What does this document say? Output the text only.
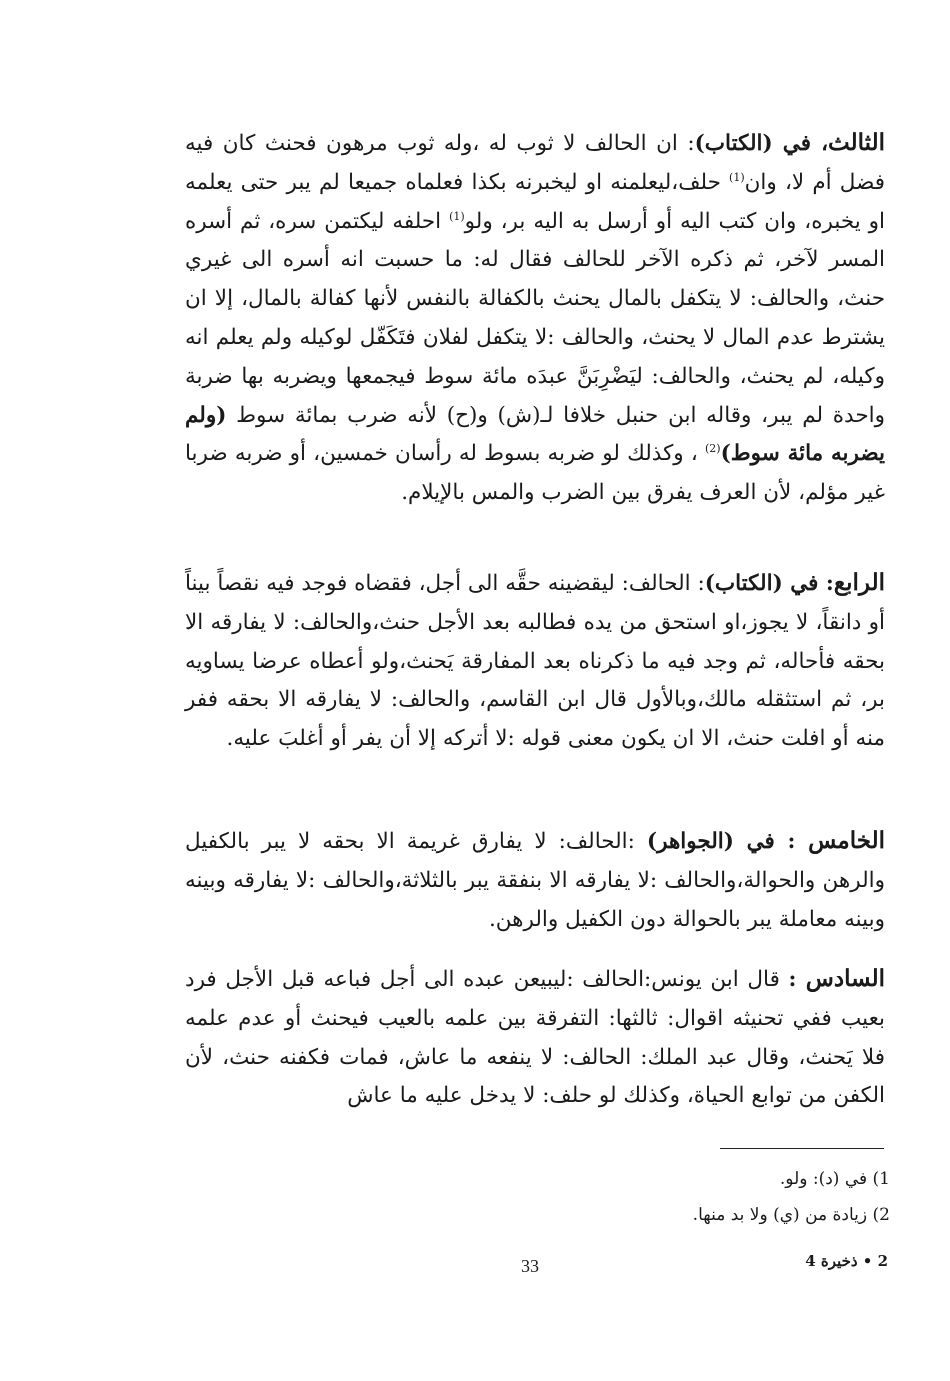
الثالث، في (الكتاب): ان الحالف لا ثوب له ،وله ثوب مرهون فحنث كان فيه فضل أم لا، وان$^{(1)}$ حلف،ليعلمنه او ليخبرنه بكذا فعلماه جميعا لم يبر حتى يعلمه او يخبره، وان كتب اليه أو أرسل به اليه بر، ولو$^{(1)}$ احلفه ليكتمن سره، ثم أسره المسر لآخر، ثم ذكره الآخر للحالف فقال له: ما حسبت انه أسره الى غيري حنث، والحالف: لا يتكفل بالمال يحنث بالكفالة بالنفس لأنها كفالة بالمال، إلا ان يشترط عدم المال لا يحنث، والحالف :لا يتكفل لفلان فتَكَفّل لوكيله ولم يعلم انه وكيله، لم يحنث، والحالف: ليَضْرِبَنَّ عبدَه مائة سوط فيجمعها ويضربه بها ضربة واحدة لم يبر، وقاله ابن حنبل خلافا لـ(ش) و(ح) لأنه ضرب بمائة سوط (ولم يضربه مائة سوط)$^{(2)}$ ، وكذلك لو ضربه بسوط له رأسان خمسين، أو ضربه ضربا غير مؤلم، لأن العرف يفرق بين الضرب والمس بالإيلام.

الرابع: في (الكتاب): الحالف: ليقضينه حقَّه الى أجل، فقضاه فوجد فيه نقصاً بيناً أو دانقاً، لا يجوز،او استحق من يده فطالبه بعد الأجل حنث،والحالف: لا يفارقه الا بحقه فأحاله، ثم وجد فيه ما ذكرناه بعد المفارقة يَحنث،ولو أعطاه عرضا يساويه بر، ثم استثقله مالك،وبالأول قال ابن القاسم، والحالف: لا يفارقه الا بحقه ففر منه أو افلت حنث، الا ان يكون معنى قوله :لا أتركه إلا أن يفر أو أغلبَ عليه.

الخامس : في (الجواهر) :الحالف: لا يفارق غريمة الا بحقه لا يبر بالكفيل والرهن والحوالة،والحالف :لا يفارقه الا بنفقة يبر بالثلاثة،والحالف :لا يفارقه وبينه وبينه معاملة يبر بالحوالة دون الكفيل والرهن.

السادس : قال ابن يونس:الحالف :ليبيعن عبده الى أجل فباعه قبل الأجل فرد بعيب ففي تحنيثه اقوال: ثالثها: التفرقة بين علمه بالعيب فيحنث أو عدم علمه فلا يَحنث، وقال عبد الملك: الحالف: لا ينفعه ما عاش، فمات فكفنه حنث، لأن الكفن من توابع الحياة، وكذلك لو حلف: لا يدخل عليه ما عاش

1) في (د): ولو.
2) زيادة من (ي) ولا بد منها.
33	2 • ذخيرة 4
